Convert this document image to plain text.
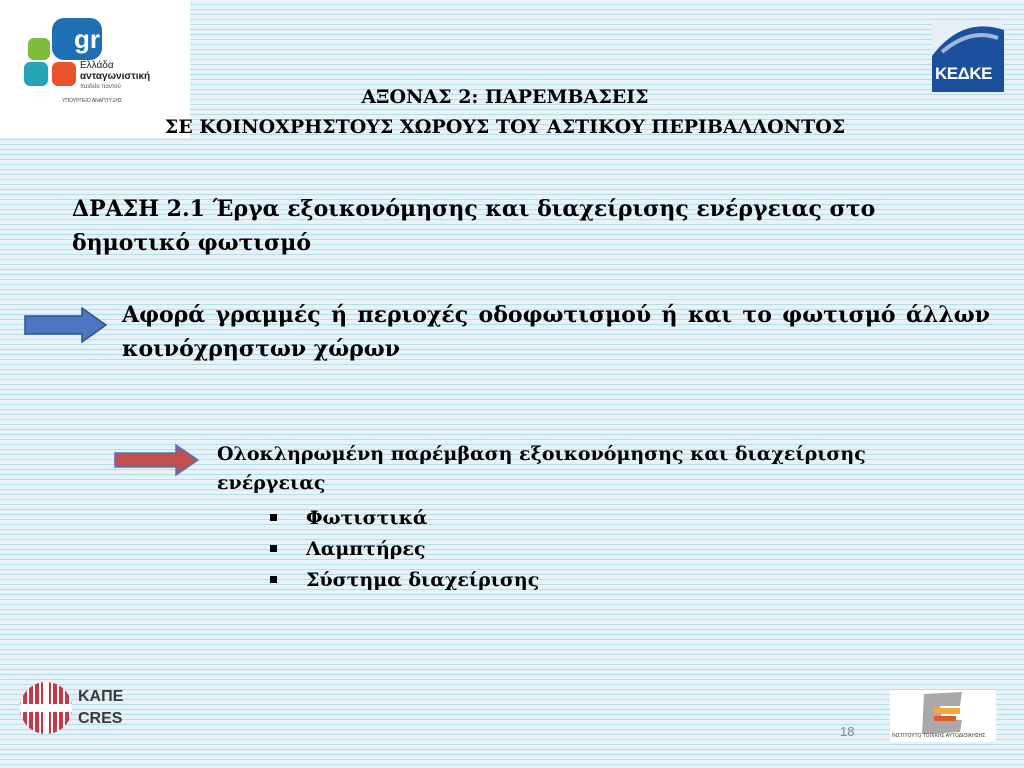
gr
Ελλάδα
ανταγωνιστική
παιδεία παντού
ΥΠΟΥΡΓΕΙΟ ΑΝΑΠΤΥΞΗΣ
ΚΕΔΚΕ
ΑΞΟΝΑΣ 2: ΠΑΡΕΜΒΑΣΕΙΣ
ΣΕ ΚΟΙΝΟΧΡΗΣΤΟΥΣ ΧΩΡΟΥΣ ΤΟΥ ΑΣΤΙΚΟΥ ΠΕΡΙΒΑΛΛΟΝΤΟΣ
ΔΡΑΣΗ 2.1 Έργα εξοικονόμησης και διαχείρισης ενέργειας στο δημοτικό φωτισμό
Αφορά γραμμές ή περιοχές οδοφωτισμού ή και το φωτισμό άλλων κοινόχρηστων χώρων
Ολοκληρωμένη παρέμβαση εξοικονόμησης και διαχείρισης ενέργειας
Φωτιστικά
Λαμπτήρες
Σύστημα διαχείρισης
ΚΑΠΕ
CRES
18	ΙΝΣΤΙΤΟΥΤΟ ΤΟΠΙΚΗΣ ΑΥΤΟΔΙΟΙΚΗΣΗΣ
